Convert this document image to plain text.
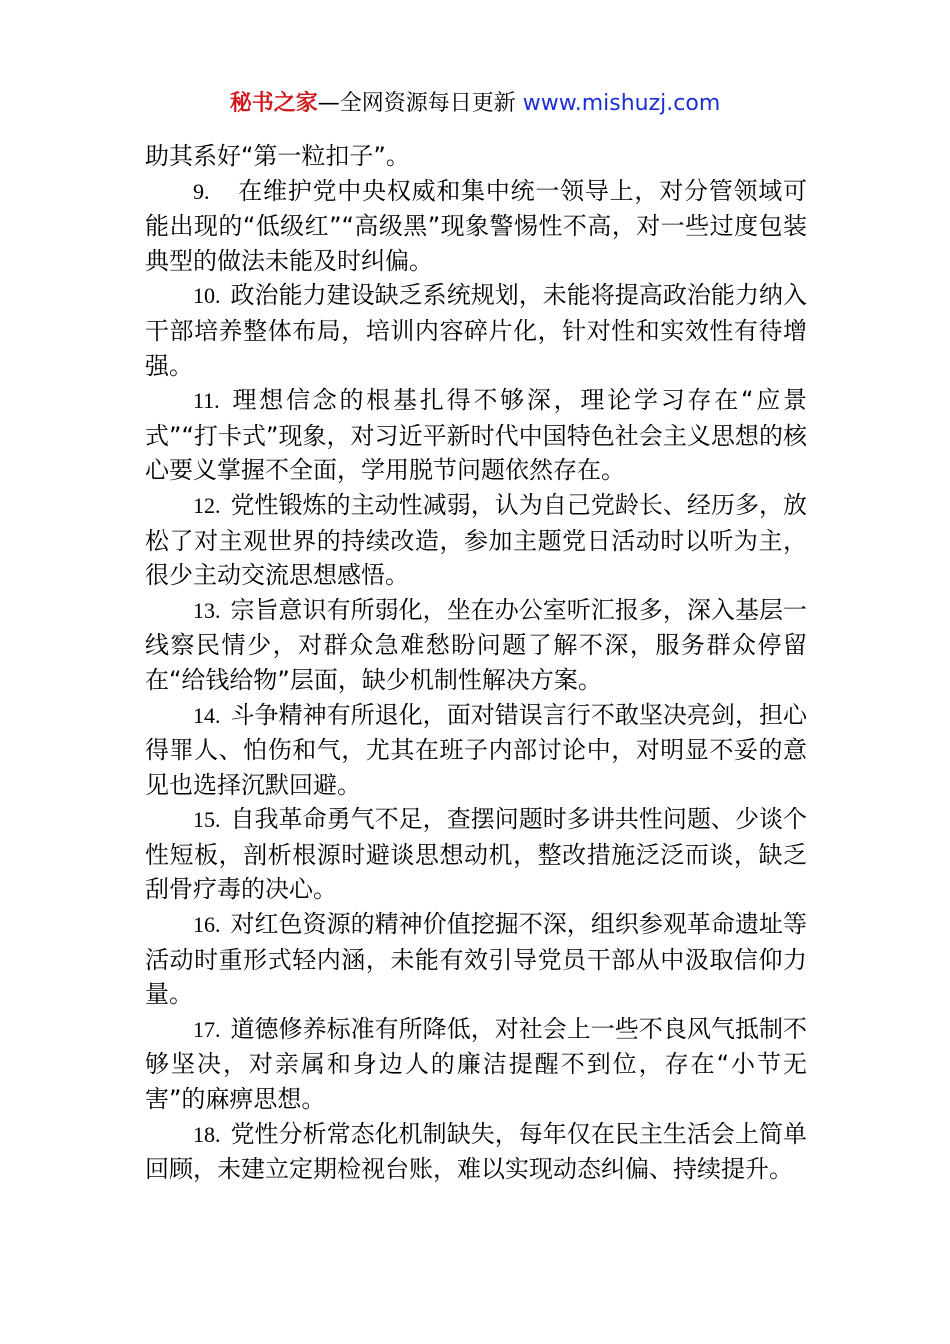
秘书之家—全网资源每日更新 www.mishuzj.com

助其系好“第一粒扣子”。

9. 在维护党中央权威和集中统一领导上，对分管领域可能出现的“低级红”“高级黑”现象警惕性不高，对一些过度包装典型的做法未能及时纠偏。

10. 政治能力建设缺乏系统规划，未能将提高政治能力纳入干部培养整体布局，培训内容碎片化，针对性和实效性有待增强。

11. 理想信念的根基扎得不够深，理论学习存在“应景式”“打卡式”现象，对习近平新时代中国特色社会主义思想的核心要义掌握不全面，学用脱节问题依然存在。

12. 党性锻炼的主动性减弱，认为自己党龄长、经历多，放松了对主观世界的持续改造，参加主题党日活动时以听为主，很少主动交流思想感悟。

13. 宗旨意识有所弱化，坐在办公室听汇报多，深入基层一线察民情少，对群众急难愁盼问题了解不深，服务群众停留在“给钱给物”层面，缺少机制性解决方案。

14. 斗争精神有所退化，面对错误言行不敢坚决亮剑，担心得罪人、怕伤和气，尤其在班子内部讨论中，对明显不妥的意见也选择沉默回避。

15. 自我革命勇气不足，查摆问题时多讲共性问题、少谈个性短板，剖析根源时避谈思想动机，整改措施泛泛而谈，缺乏刮骨疗毒的决心。

16. 对红色资源的精神价值挖掘不深，组织参观革命遗址等活动时重形式轻内涵，未能有效引导党员干部从中汲取信仰力量。

17. 道德修养标准有所降低，对社会上一些不良风气抵制不够坚决，对亲属和身边人的廉洁提醒不到位，存在“小节无害”的麻痹思想。

18. 党性分析常态化机制缺失，每年仅在民主生活会上简单回顾，未建立定期检视台账，难以实现动态纠偏、持续提升。
